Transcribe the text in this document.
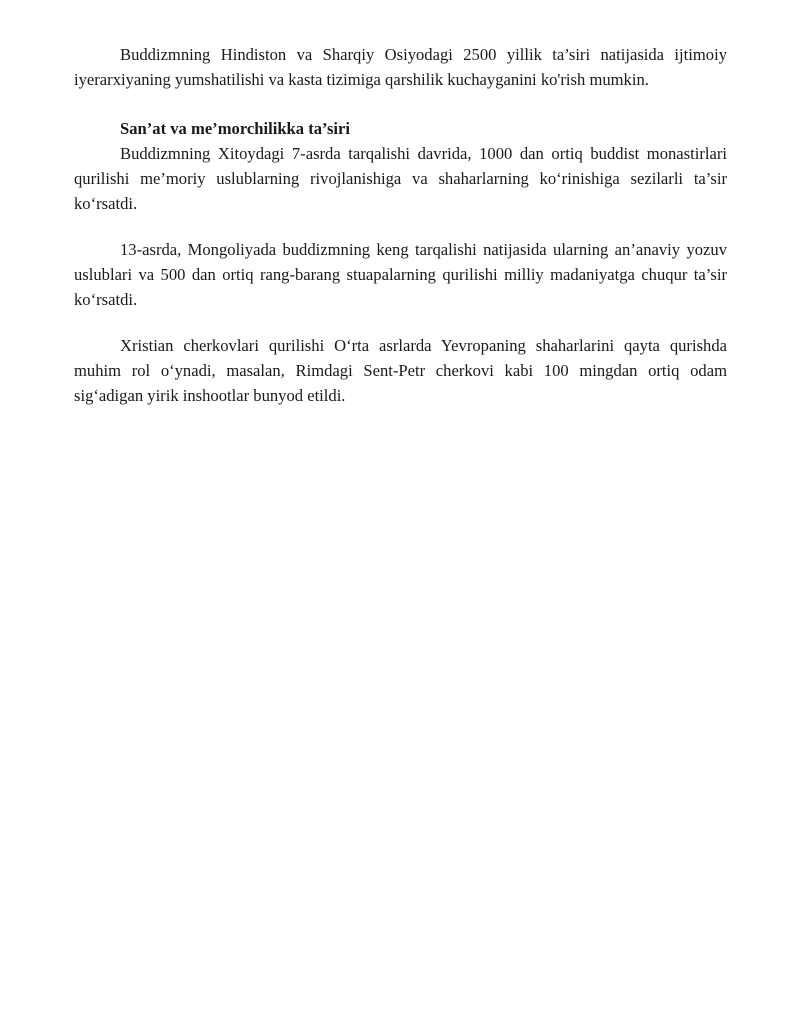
Buddizmning Hindiston va Sharqiy Osiyodagi 2500 yillik ta’siri natijasida ijtimoiy iyerarxiyaning yumshatilishi va kasta tizimiga qarshilik kuchayganini ko'rish mumkin.

San’at va me’morchilikka ta’siri

Buddizmning Xitoydagi 7-asrda tarqalishi davrida, 1000 dan ortiq buddist monastirlari qurilishi me’moriy uslublarning rivojlanishiga va shaharlarning ko‘rinishiga sezilarli ta’sir ko‘rsatdi.

13-asrda, Mongoliyada buddizmning keng tarqalishi natijasida ularning an’anaviy yozuv uslublari va 500 dan ortiq rang-barang stuapalarning qurilishi milliy madaniyatga chuqur ta’sir ko‘rsatdi.

Xristian cherkovlari qurilishi O‘rta asrlarda Yevropaning shaharlarini qayta qurishda muhim rol o‘ynadi, masalan, Rimdagi Sent-Petr cherkovi kabi 100 mingdan ortiq odam sig‘adigan yirik inshootlar bunyod etildi.
